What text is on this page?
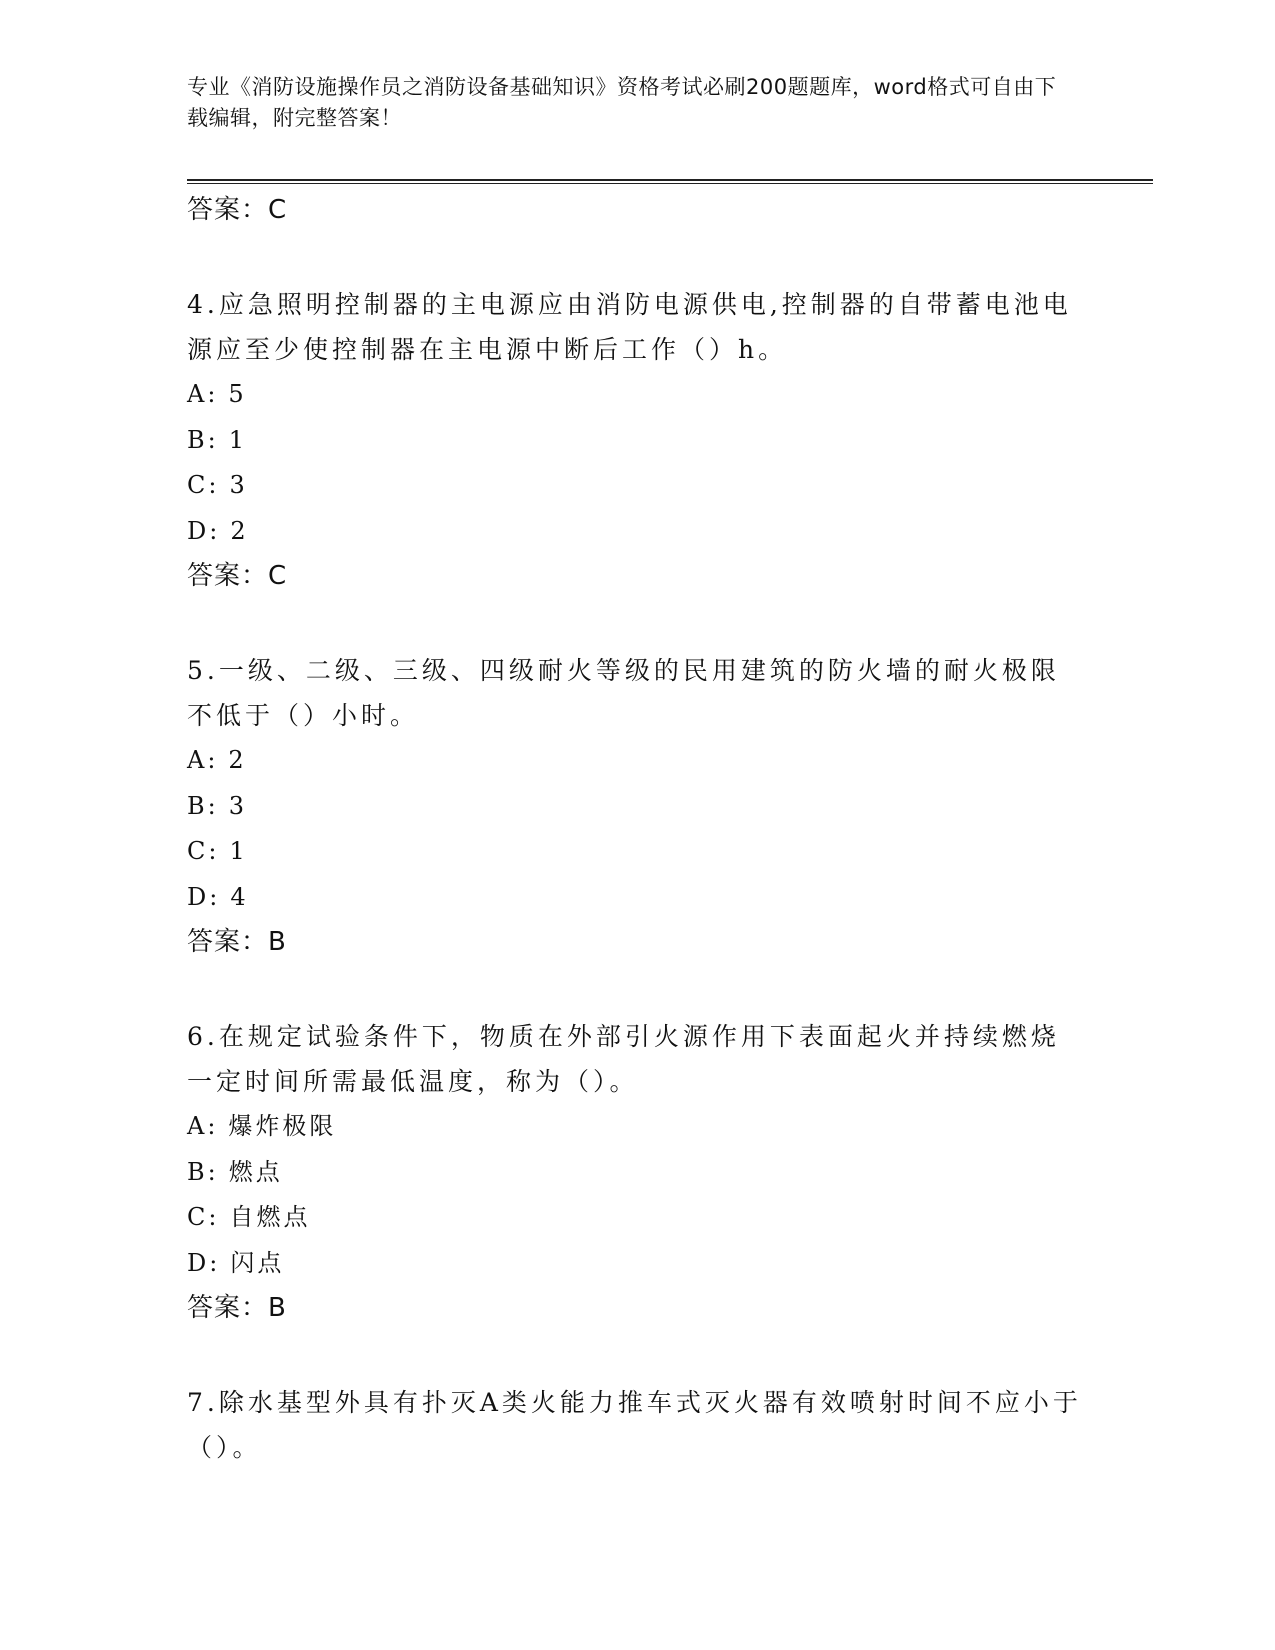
专业《消防设施操作员之消防设备基础知识》资格考试必刷200题题库，word格式可自由下载编辑，附完整答案！

答案：C

4.应急照明控制器的主电源应由消防电源供电,控制器的自带蓄电池电源应至少使控制器在主电源中断后工作（）h。

A: 5

B: 1

C: 3

D: 2

答案：C

5.一级、二级、三级、四级耐火等级的民用建筑的防火墙的耐火极限不低于（）小时。

A: 2

B: 3

C: 1

D: 4

答案：B

6.在规定试验条件下，物质在外部引火源作用下表面起火并持续燃烧一定时间所需最低温度，称为（）。

A: 爆炸极限

B: 燃点

C: 自燃点

D: 闪点

答案：B

7.除水基型外具有扑灭A类火能力推车式灭火器有效喷射时间不应小于（）。
